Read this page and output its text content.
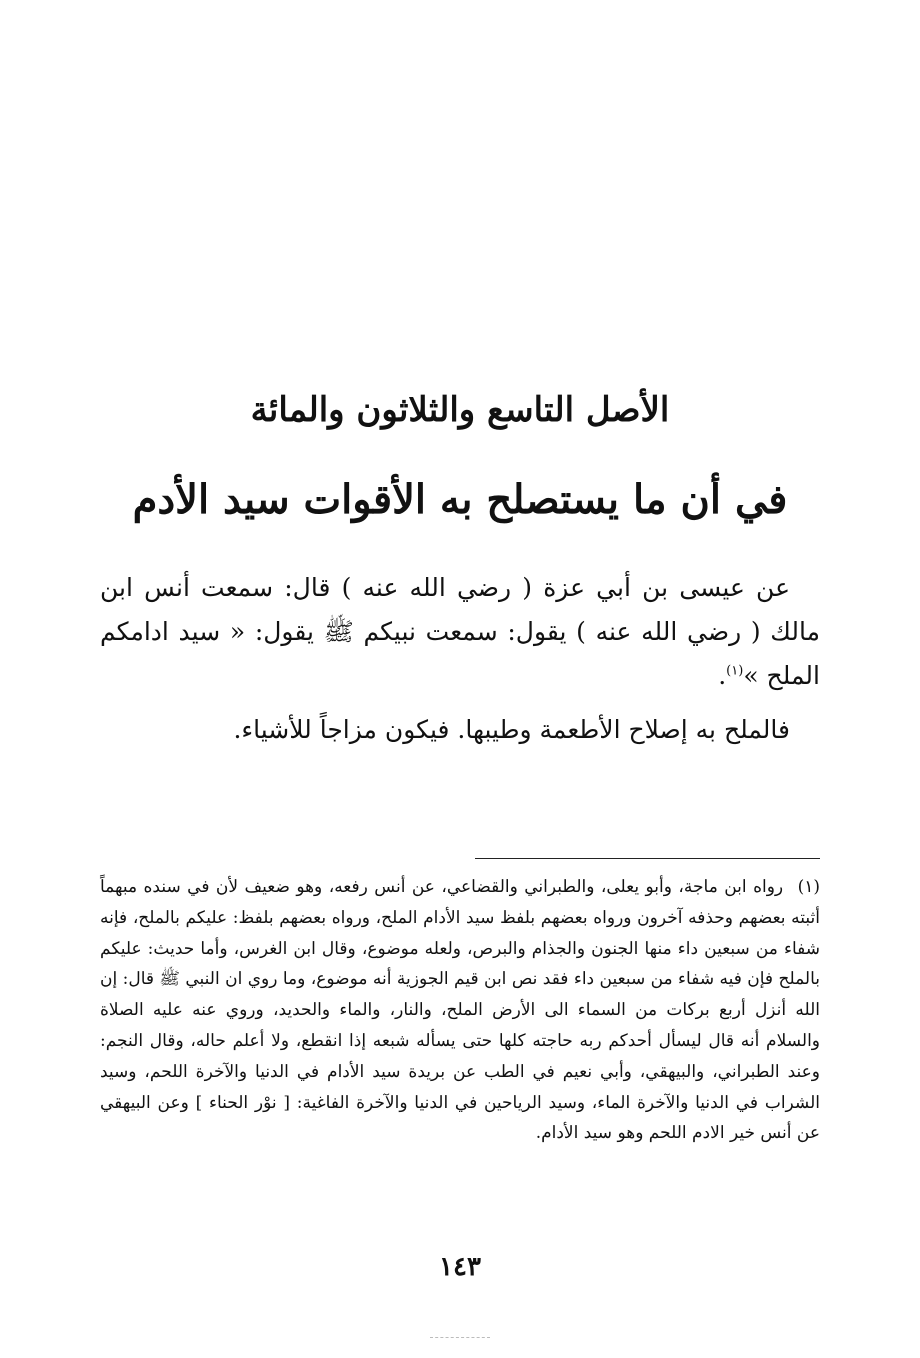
الأصل التاسع والثلاثون والمائة
في أن ما يستصلح به الأقوات سيد الأدم

عن عيسى بن أبي عزة ( رضي الله عنه ) قال: سمعت أنس ابن مالك ( رضي الله عنه ) يقول: سمعت نبيكم ﷺ يقول: « سيد ادامكم الملح »$^{(١)}$.

فالملح به إصلاح الأطعمة وطيبها. فيكون مزاجاً للأشياء.

(١) رواه ابن ماجة، وأبو يعلى، والطبراني والقضاعي، عن أنس رفعه، وهو ضعيف لأن في سنده مبهماً أثبته بعضهم وحذفه آخرون ورواه بعضهم بلفظ سيد الأدام الملح، ورواه بعضهم بلفظ: عليكم بالملح، فإنه شفاء من سبعين داء منها الجنون والجذام والبرص، ولعله موضوع، وقال ابن الغرس، وأما حديث: عليكم بالملح فإن فيه شفاء من سبعين داء فقد نص ابن قيم الجوزية أنه موضوع، وما روي ان النبي ﷺ قال: إن الله أنزل أربع بركات من السماء الى الأرض الملح، والنار، والماء والحديد، وروي عنه عليه الصلاة والسلام أنه قال ليسأل أحدكم ربه حاجته كلها حتى يسأله شبعه إذا انقطع، ولا أعلم حاله، وقال النجم: وعند الطبراني، والبيهقي، وأبي نعيم في الطب عن بريدة سيد الأدام في الدنيا والآخرة اللحم، وسيد الشراب في الدنيا والآخرة الماء، وسيد الرياحين في الدنيا والآخرة الفاغية: [ نوْر الحناء ] وعن البيهقي عن أنس خير الادم اللحم وهو سيد الأدام.

١٤٣
